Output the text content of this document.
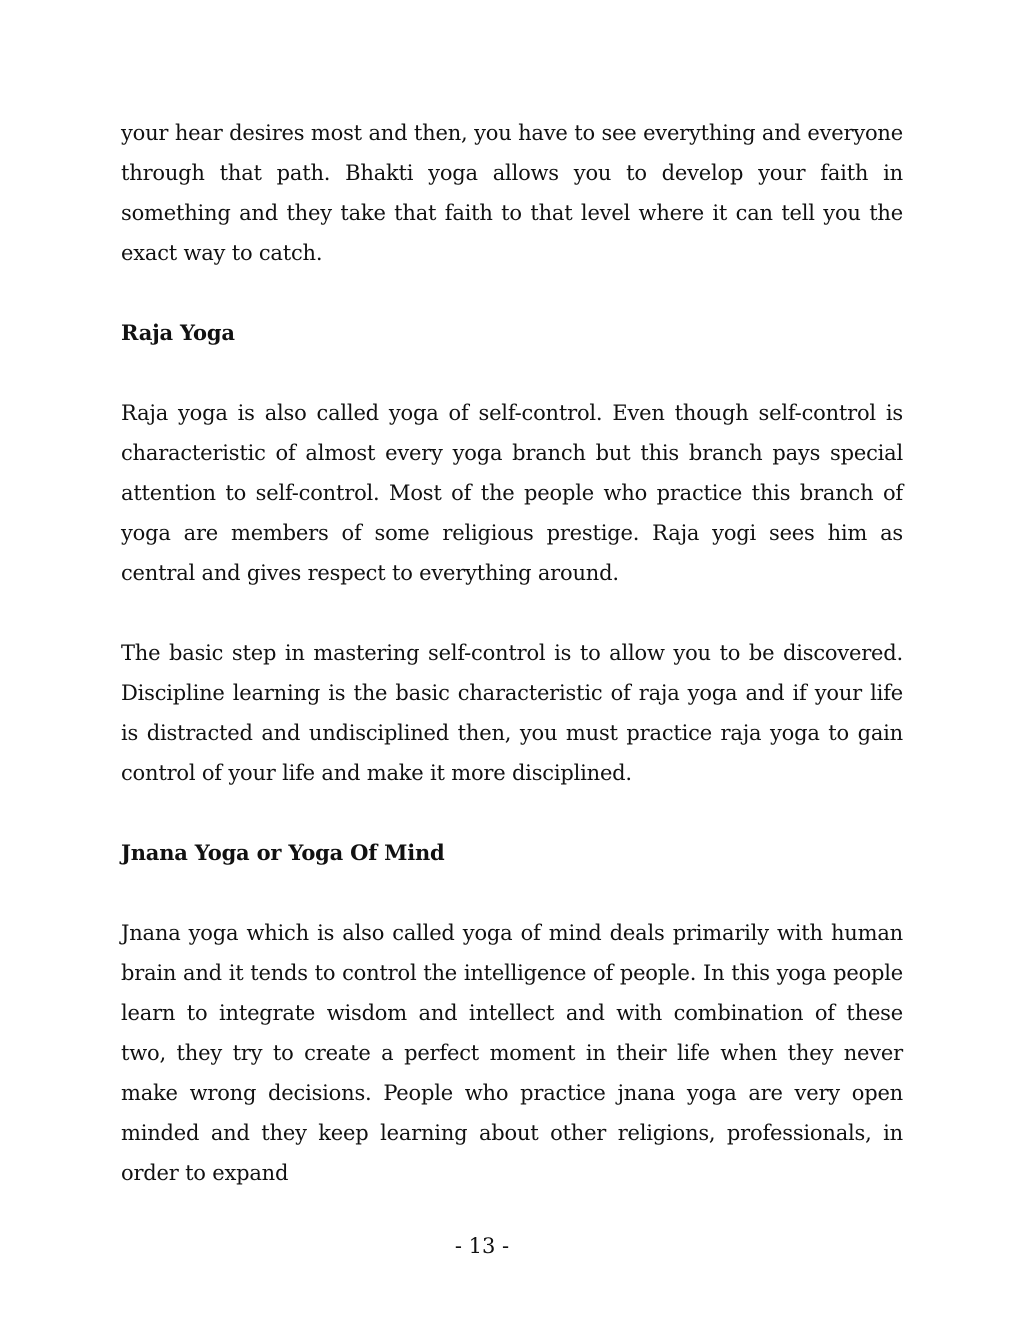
your hear desires most and then, you have to see everything and everyone through that path. Bhakti yoga allows you to develop your faith in something and they take that faith to that level where it can tell you the exact way to catch.

Raja Yoga

Raja yoga is also called yoga of self-control. Even though self-control is characteristic of almost every yoga branch but this branch pays special attention to self-control. Most of the people who practice this branch of yoga are members of some religious prestige. Raja yogi sees him as central and gives respect to everything around.

The basic step in mastering self-control is to allow you to be discovered. Discipline learning is the basic characteristic of raja yoga and if your life is distracted and undisciplined then, you must practice raja yoga to gain control of your life and make it more disciplined.

Jnana Yoga or Yoga Of Mind

Jnana yoga which is also called yoga of mind deals primarily with human brain and it tends to control the intelligence of people. In this yoga people learn to integrate wisdom and intellect and with combination of these two, they try to create a perfect moment in their life when they never make wrong decisions. People who practice jnana yoga are very open minded and they keep learning about other religions, professionals, in order to expand

- 13 -
